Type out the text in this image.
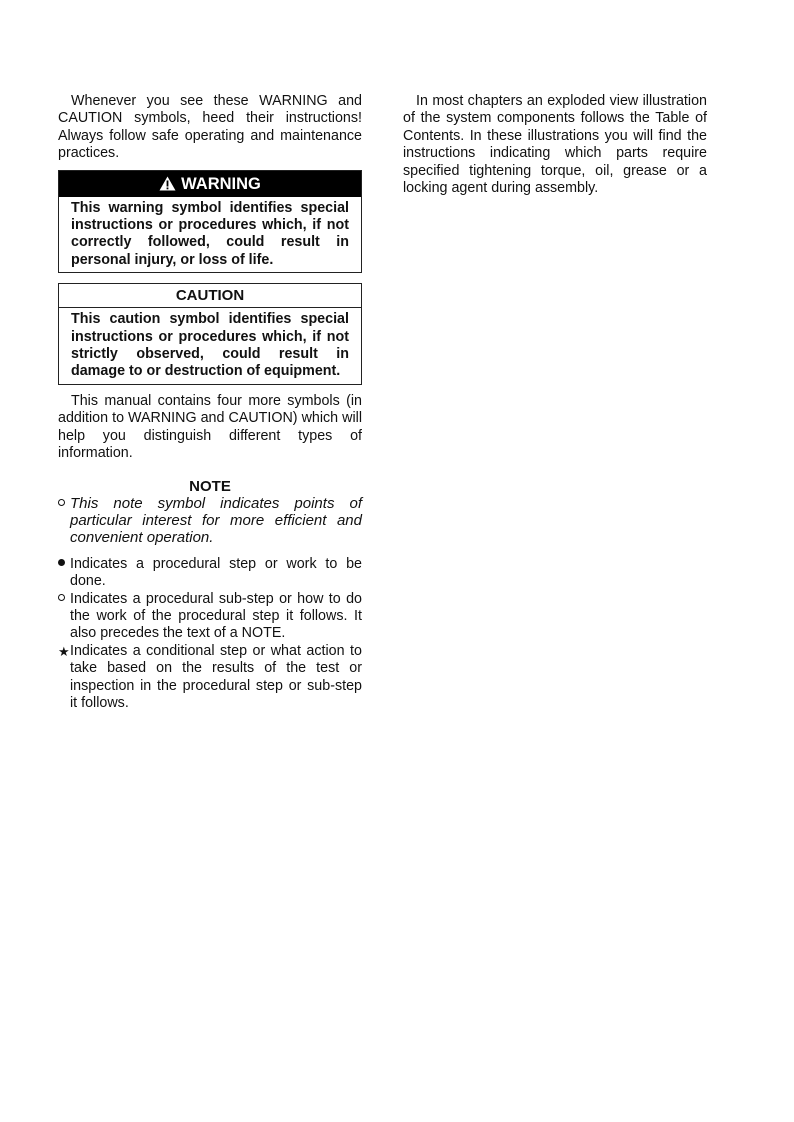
Whenever you see these WARNING and CAUTION symbols, heed their instructions! Always follow safe operating and maintenance practices.

WARNING
This warning symbol identifies special instructions or procedures which, if not correctly followed, could result in personal injury, or loss of life.
CAUTION
This caution symbol identifies special instructions or procedures which, if not strictly observed, could result in damage to or destruction of equipment.

This manual contains four more symbols (in addition to WARNING and CAUTION) which will help you distinguish different types of information.

NOTE
This note symbol indicates points of particular interest for more efficient and convenient operation.
Indicates a procedural step or work to be done.
Indicates a procedural sub-step or how to do the work of the procedural step it follows. It also precedes the text of a NOTE.
★ Indicates a conditional step or what action to take based on the results of the test or inspection in the procedural step or sub-step it follows.

In most chapters an exploded view illustration of the system components follows the Table of Contents. In these illustrations you will find the instructions indicating which parts require specified tightening torque, oil, grease or a locking agent during assembly.
